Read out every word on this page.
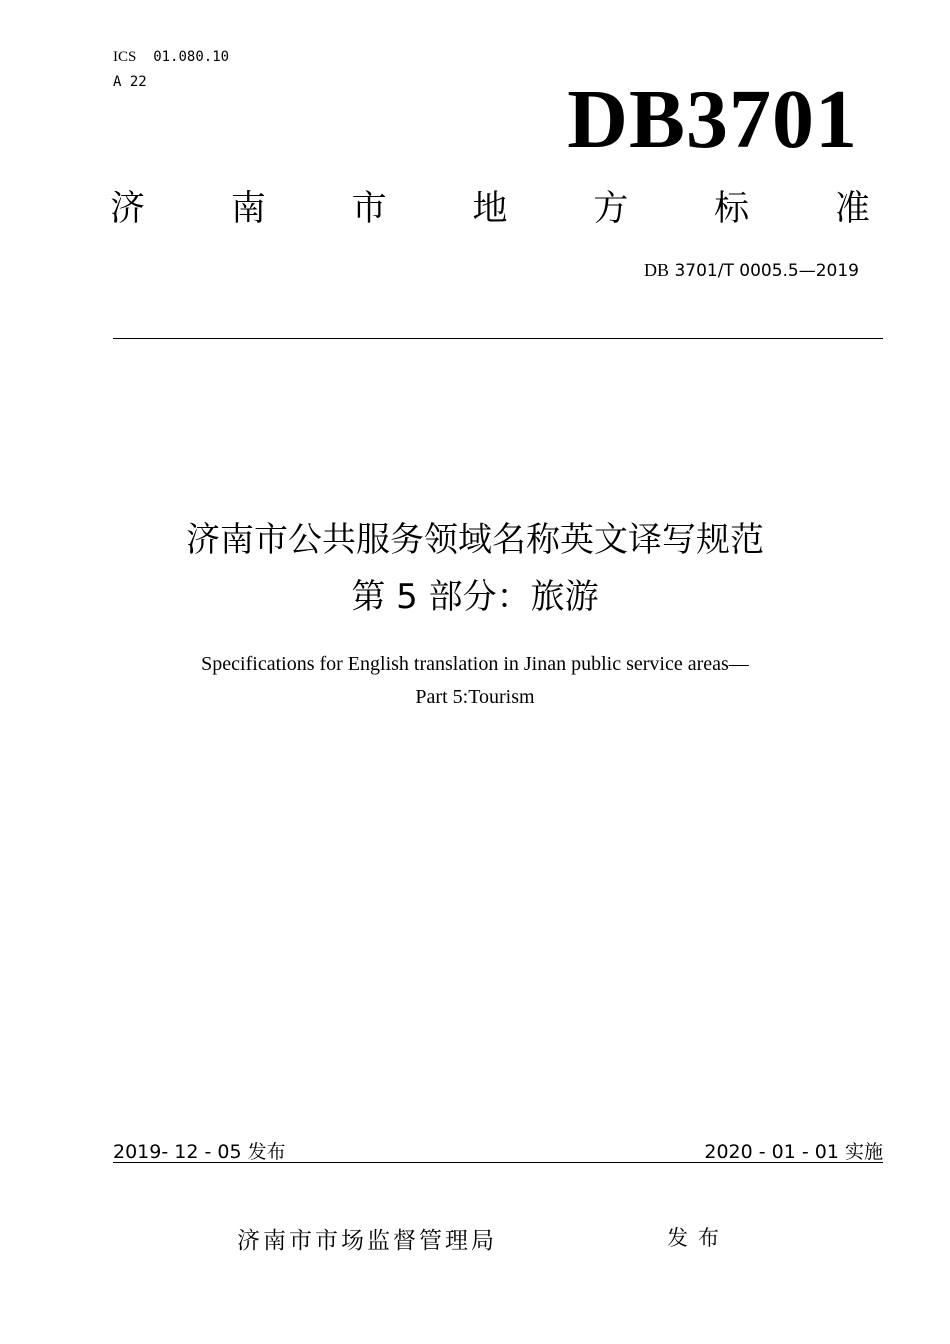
ICS 01.080.10
A 22	DB3701
济 南 市 地 方 标 准
DB 3701/T 0005.5—2019
济南市公共服务领域名称英文译写规范
第 5 部分：旅游
Specifications for English translation in Jinan public service areas—
Part 5:Tourism
2019- 12 - 05 发布	2020 - 01 - 01 实施
济南市市场监督管理局	发布
